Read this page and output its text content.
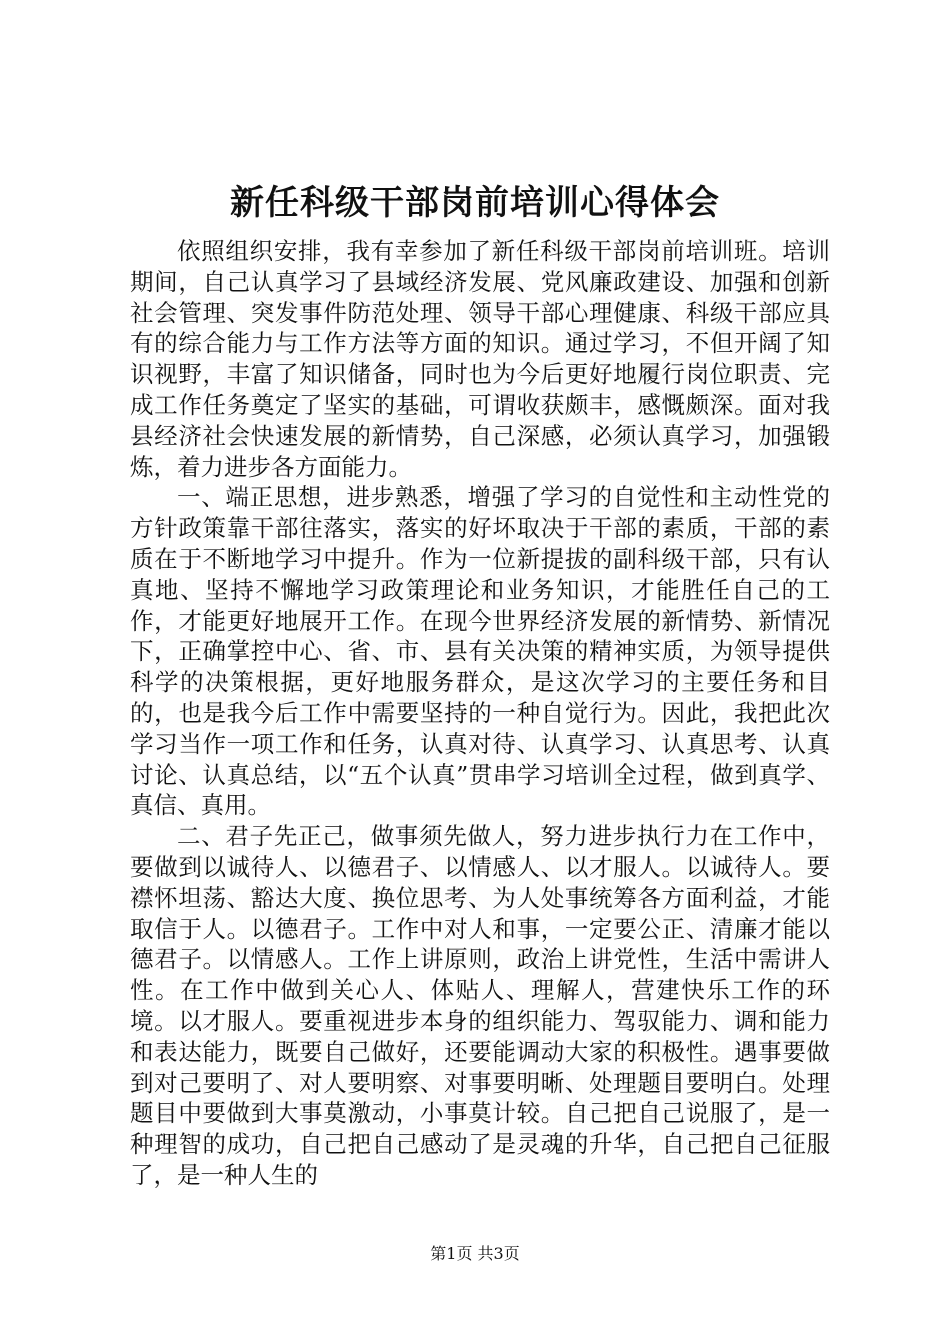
新任科级干部岗前培训心得体会

依照组织安排，我有幸参加了新任科级干部岗前培训班。培训期间，自己认真学习了县域经济发展、党风廉政建设、加强和创新社会管理、突发事件防范处理、领导干部心理健康、科级干部应具有的综合能力与工作方法等方面的知识。通过学习，不但开阔了知识视野，丰富了知识储备，同时也为今后更好地履行岗位职责、完成工作任务奠定了坚实的基础，可谓收获颇丰，感慨颇深。面对我县经济社会快速发展的新情势，自己深感，必须认真学习，加强锻炼，着力进步各方面能力。

一、端正思想，进步熟悉，增强了学习的自觉性和主动性党的方针政策靠干部往落实，落实的好坏取决于干部的素质，干部的素质在于不断地学习中提升。作为一位新提拔的副科级干部，只有认真地、坚持不懈地学习政策理论和业务知识，才能胜任自己的工作，才能更好地展开工作。在现今世界经济发展的新情势、新情况下，正确掌控中心、省、市、县有关决策的精神实质，为领导提供科学的决策根据，更好地服务群众，是这次学习的主要任务和目的，也是我今后工作中需要坚持的一种自觉行为。因此，我把此次学习当作一项工作和任务，认真对待、认真学习、认真思考、认真讨论、认真总结，以“五个认真”贯串学习培训全过程，做到真学、真信、真用。

二、君子先正己，做事须先做人，努力进步执行力在工作中，要做到以诚待人、以德君子、以情感人、以才服人。以诚待人。要襟怀坦荡、豁达大度、换位思考、为人处事统筹各方面利益，才能取信于人。以德君子。工作中对人和事，一定要公正、清廉才能以德君子。以情感人。工作上讲原则，政治上讲党性，生活中需讲人性。在工作中做到关心人、体贴人、理解人，营建快乐工作的环境。以才服人。要重视进步本身的组织能力、驾驭能力、调和能力和表达能力，既要自己做好，还要能调动大家的积极性。遇事要做到对己要明了、对人要明察、对事要明晰、处理题目要明白。处理题目中要做到大事莫激动，小事莫计较。自己把自己说服了，是一种理智的成功，自己把自己感动了是灵魂的升华，自己把自己征服了，是一种人生的

第1页 共3页
